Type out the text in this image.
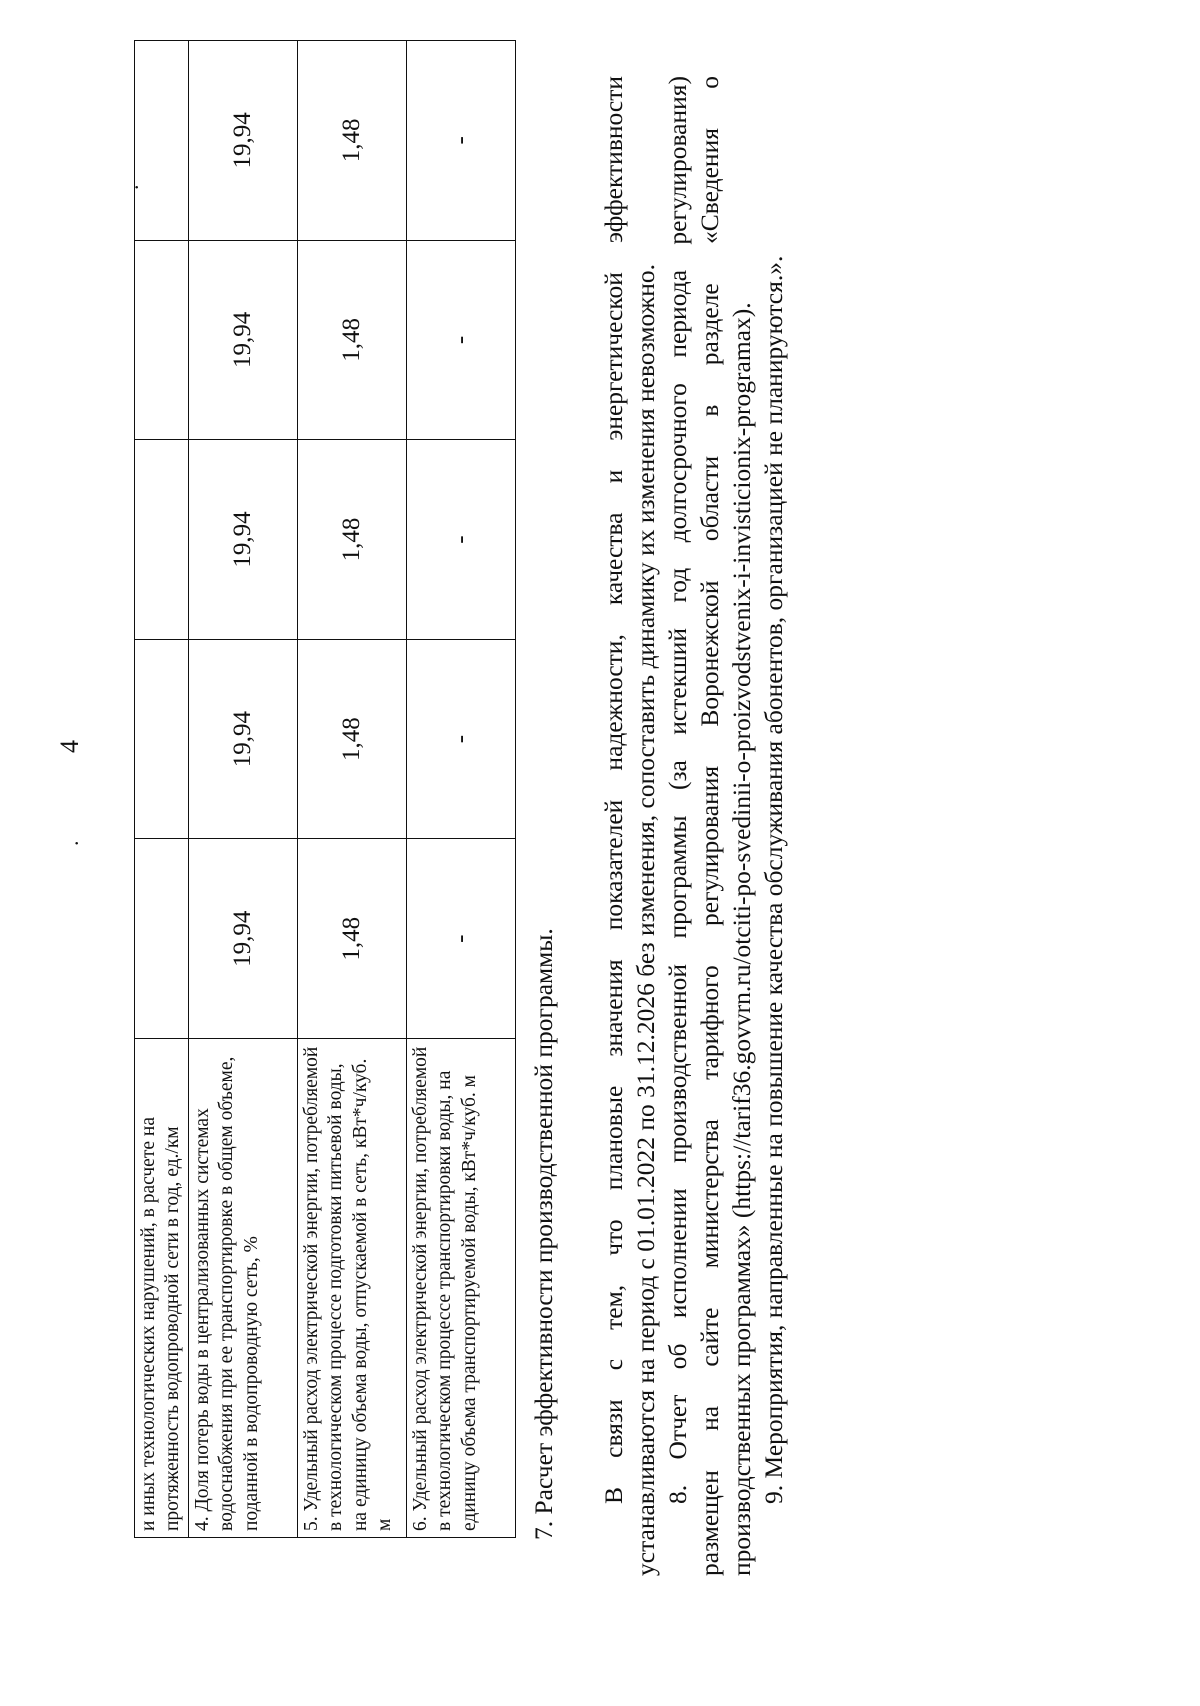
4
.
.
и иных технологических нарушений, в расчете на протяженность водопроводной сети в год, ед./км					
4. Доля потерь воды в централизованных системах водоснабжения при ее транспортировке в общем объеме, поданной в водопроводную сеть, %	19,94	19,94	19,94	19,94	19,94
5. Удельный расход электрической энергии, потребляемой в технологическом процессе подготовки питьевой воды, на единицу объема воды, отпускаемой в сеть, кВт*ч/куб. м	1,48	1,48	1,48	1,48	1,48
6. Удельный расход электрической энергии, потребляемой в технологическом процессе транспортировки воды, на единицу объема транспортируемой воды, кВт*ч/куб. м	-	-	-	-	-

7. Расчет эффективности производственной программы. В связи с тем, что плановые значения показателей надежности, качества и энергетической эффективности устанавливаются на период с 01.01.2022 по 31.12.2026 без изменения, сопоставить динамику их изменения невозможно. 8. Отчет об исполнении производственной программы (за истекший год долгосрочного периода регулирования) размещен на сайте министерства тарифного регулирования Воронежской области в разделе «Сведения о производственных программах» (https://tarif36.govvrn.ru/otciti-po-svedinii-o-proizvodstvenix-i-invisticionix-programax). 9. Мероприятия, направленные на повышение качества обслуживания абонентов, организацией не планируются.».
